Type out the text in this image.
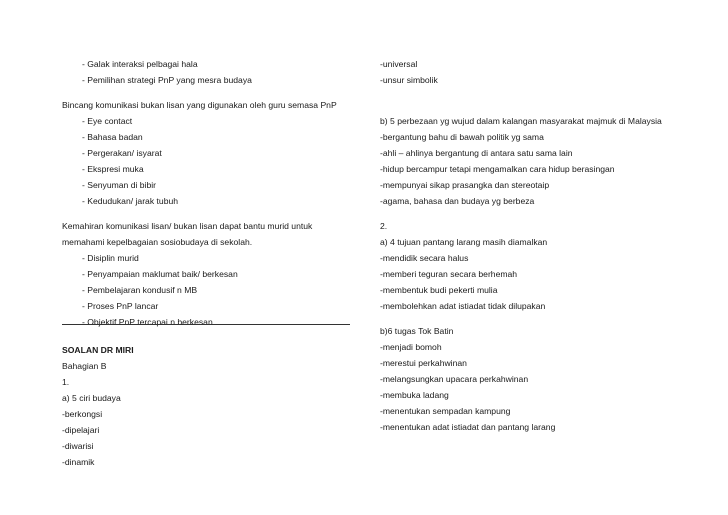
- Galak interaksi pelbagai hala
- Pemilihan strategi PnP yang mesra budaya
Bincang komunikasi bukan lisan yang digunakan oleh guru semasa PnP
- Eye contact
- Bahasa badan
- Pergerakan/ isyarat
- Ekspresi muka
- Senyuman di bibir
- Kedudukan/ jarak tubuh
Kemahiran komunikasi lisan/ bukan lisan dapat bantu murid untuk
memahami kepelbagaian sosiobudaya di sekolah.
- Disiplin murid
- Penyampaian maklumat baik/ berkesan
- Pembelajaran kondusif n MB
- Proses PnP lancar
- Objektif PnP tercapai n berkesan
SOALAN DR MIRI
Bahagian B
1.
a) 5 ciri budaya
-berkongsi
-dipelajari
-diwarisi
-dinamik
-universal
-unsur simbolik
b) 5 perbezaan yg wujud dalam kalangan masyarakat majmuk di Malaysia
-bergantung bahu di bawah politik yg sama
-ahli – ahlinya bergantung di antara satu sama lain
-hidup bercampur tetapi mengamalkan cara hidup berasingan
-mempunyai sikap prasangka dan stereotaip
-agama, bahasa dan budaya yg berbeza
2.
a) 4 tujuan pantang larang masih diamalkan
-mendidik secara halus
-memberi teguran secara berhemah
-membentuk budi pekerti mulia
-membolehkan adat istiadat tidak dilupakan
b)6 tugas Tok Batin
-menjadi bomoh
-merestui perkahwinan
-melangsungkan upacara perkahwinan
-membuka ladang
-menentukan sempadan kampung
-menentukan adat istiadat dan pantang larang
